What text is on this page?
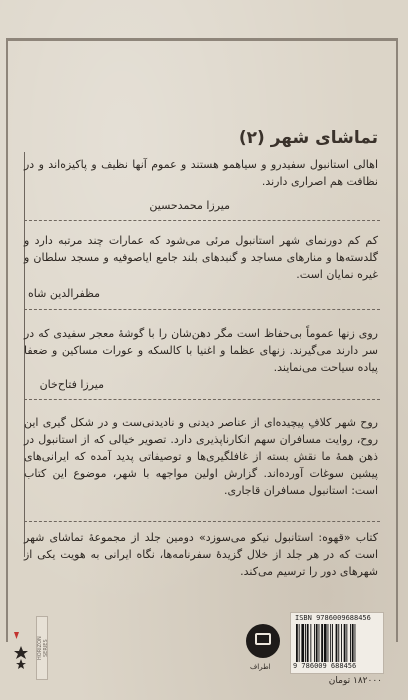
تماشای شهر (۲)
اهالی استانبول سفیدرو و سیاهمو هستند و عموم آنها نظیف و پاکیزه‌اند و در نظافت هم اصراری دارند.
میرزا محمدحسین
کم کم دورنمای شهر استانبول مرئی می‌شود که عمارات چند مرتبه دارد و گلدسته‌ها و منارهای مساجد و گنبدهای بلند جامع ایاصوفیه و مسجد سلطان و غیره نمایان است.
مظفرالدین شاه
روی زنها عموماً بی‌حفاظ است مگر دهن‌شان را با گوشهٔ معجر سفیدی که در سر دارند می‌گیرند. زنهای عظما و اغنیا با کالسکه و عورات مساکین و ضعفا پیاده سیاحت می‌نمایند.
میرزا فتاح‌خان
روح شهر کلافِ پیچیده‌ای از عناصر دیدنی و نادیدنی‌ست و در شکل گیری این روح، روایت مسافران سهم انکارناپذیری دارد. تصویر خیالی که از استانبول در ذهن همهٔ ما نقش بسته از غافلگیری‌ها و توصیفاتی پدید آمده که ایرانی‌های پیشین سوغات آورده‌اند. گزارش اولین مواجهه با شهر، موضوع این کتاب است: استانبول مسافران قاجاری.
کتاب «قهوه: استانبول نیکو می‌سوزد» دومین جلد از مجموعهٔ تماشای شهر است که در هر جلد از خلال گزیدهٔ سفرنامه‌ها، نگاه ایرانی به هویت یکی از شهرهای دور را ترسیم می‌کند.
HORIZON SERIES
اطراف
ISBN 9786009688456
9 786009 688456
۱۸۲۰۰۰ تومان
